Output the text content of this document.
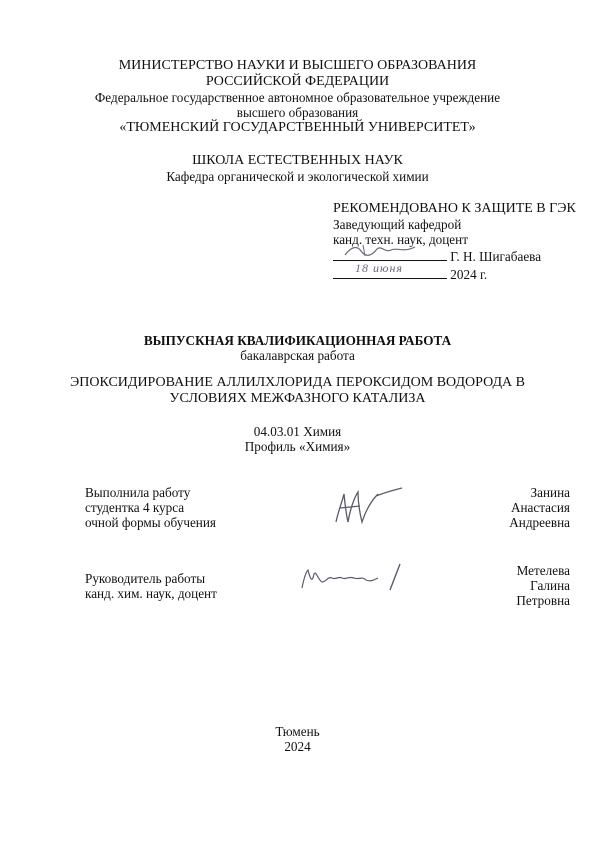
МИНИСТЕРСТВО НАУКИ И ВЫСШЕГО ОБРАЗОВАНИЯ
РОССИЙСКОЙ ФЕДЕРАЦИИ
Федеральное государственное автономное образовательное учреждение
высшего образования
«ТЮМЕНСКИЙ ГОСУДАРСТВЕННЫЙ УНИВЕРСИТЕТ»
ШКОЛА ЕСТЕСТВЕННЫХ НАУК
Кафедра органической и экологической химии
РЕКОМЕНДОВАНО К ЗАЩИТЕ В ГЭК
Заведующий кафедрой
канд. техн. наук, доцент
Г. Н. Шигабаева
18 июня	2024 г.
ВЫПУСКНАЯ КВАЛИФИКАЦИОННАЯ РАБОТА
бакалаврская работа
ЭПОКСИДИРОВАНИЕ АЛЛИЛХЛОРИДА ПЕРОКСИДОМ ВОДОРОДА В
УСЛОВИЯХ МЕЖФАЗНОГО КАТАЛИЗА
04.03.01 Химия
Профиль «Химия»
Выполнила работу
студентка 4 курса
очной формы обучения
Занина
Анастасия
Андреевна
Руководитель работы
канд. хим. наук, доцент
Метелева
Галина
Петровна
Тюмень
2024
